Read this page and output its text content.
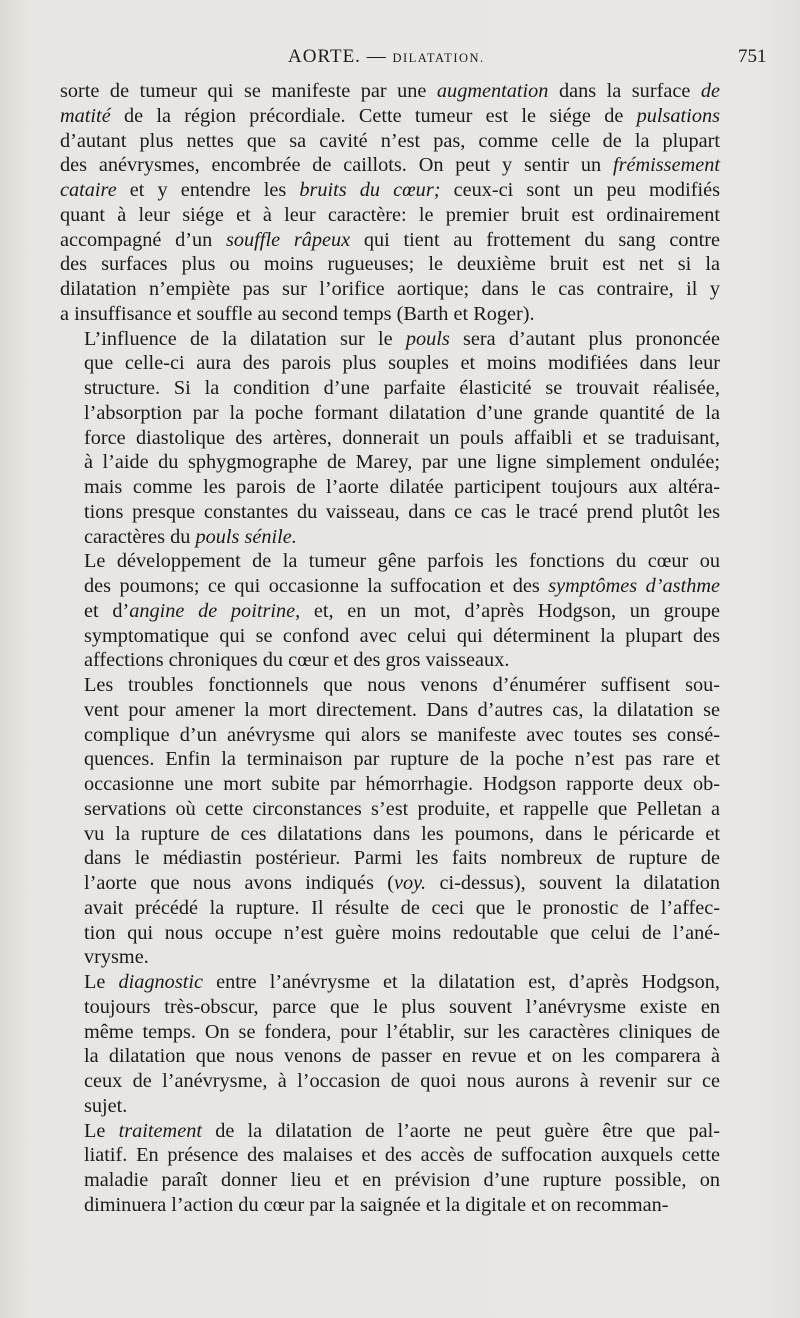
AORTE. — DILATATION.	751

sorte de tumeur qui se manifeste par une augmentation dans la surface de
matité de la région précordiale. Cette tumeur est le siége de pulsations
d’autant plus nettes que sa cavité n’est pas, comme celle de la plupart
des anévrysmes, encombrée de caillots. On peut y sentir un frémissement
cataire et y entendre les bruits du cœur; ceux-ci sont un peu modifiés
quant à leur siége et à leur caractère: le premier bruit est ordinairement
accompagné d’un souffle râpeux qui tient au frottement du sang contre
des surfaces plus ou moins rugueuses; le deuxième bruit est net si la
dilatation n’empiète pas sur l’orifice aortique; dans le cas contraire, il y
a insuffisance et souffle au second temps (Barth et Roger).

L’influence de la dilatation sur le pouls sera d’autant plus prononcée
que celle-ci aura des parois plus souples et moins modifiées dans leur
structure. Si la condition d’une parfaite élasticité se trouvait réalisée,
l’absorption par la poche formant dilatation d’une grande quantité de la
force diastolique des artères, donnerait un pouls affaibli et se traduisant,
à l’aide du sphygmographe de Marey, par une ligne simplement ondulée;
mais comme les parois de l’aorte dilatée participent toujours aux altéra-
tions presque constantes du vaisseau, dans ce cas le tracé prend plutôt les
caractères du pouls sénile.

Le développement de la tumeur gêne parfois les fonctions du cœur ou
des poumons; ce qui occasionne la suffocation et des symptômes d’asthme
et d’angine de poitrine, et, en un mot, d’après Hodgson, un groupe
symptomatique qui se confond avec celui qui déterminent la plupart des
affections chroniques du cœur et des gros vaisseaux.

Les troubles fonctionnels que nous venons d’énumérer suffisent sou-
vent pour amener la mort directement. Dans d’autres cas, la dilatation se
complique d’un anévrysme qui alors se manifeste avec toutes ses consé-
quences. Enfin la terminaison par rupture de la poche n’est pas rare et
occasionne une mort subite par hémorrhagie. Hodgson rapporte deux ob-
servations où cette circonstances s’est produite, et rappelle que Pelletan a
vu la rupture de ces dilatations dans les poumons, dans le péricarde et
dans le médiastin postérieur. Parmi les faits nombreux de rupture de
l’aorte que nous avons indiqués (voy. ci-dessus), souvent la dilatation
avait précédé la rupture. Il résulte de ceci que le pronostic de l’affec-
tion qui nous occupe n’est guère moins redoutable que celui de l’ané-
vrysme.

Le diagnostic entre l’anévrysme et la dilatation est, d’après Hodgson,
toujours très-obscur, parce que le plus souvent l’anévrysme existe en
même temps. On se fondera, pour l’établir, sur les caractères cliniques de
la dilatation que nous venons de passer en revue et on les comparera à
ceux de l’anévrysme, à l’occasion de quoi nous aurons à revenir sur ce
sujet.

Le traitement de la dilatation de l’aorte ne peut guère être que pal-
liatif. En présence des malaises et des accès de suffocation auxquels cette
maladie paraît donner lieu et en prévision d’une rupture possible, on
diminuera l’action du cœur par la saignée et la digitale et on recomman-
